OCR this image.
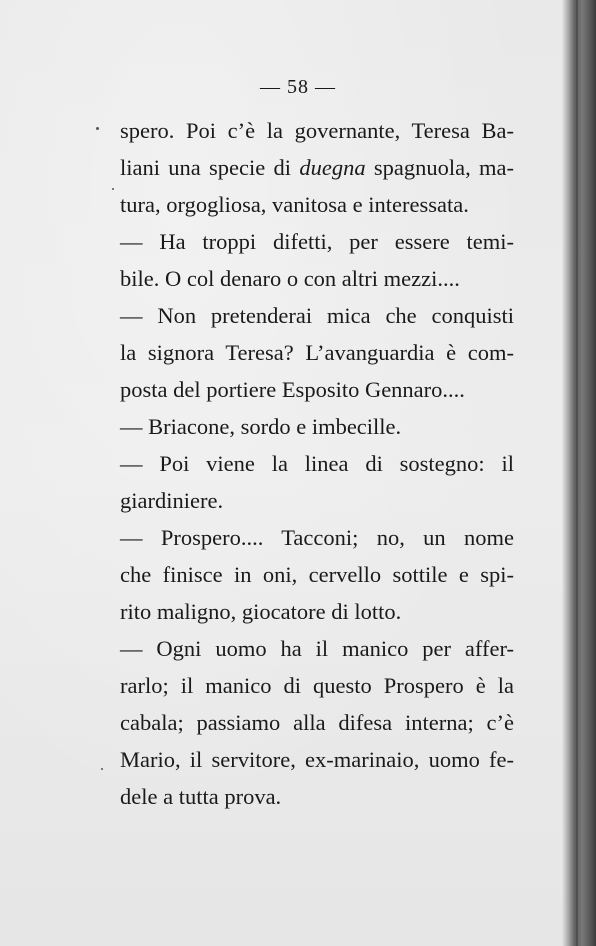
— 58 —
spero. Poi c’è la governante, Teresa Ba-
liani una specie di duegna spagnuola, ma-
tura, orgogliosa, vanitosa e interessata.
— Ha troppi difetti, per essere temi-
bile. O col denaro o con altri mezzi....
— Non pretenderai mica che conquisti
la signora Teresa? L’avanguardia è com-
posta del portiere Esposito Gennaro....
— Briacone, sordo e imbecille.
— Poi viene la linea di sostegno: il
giardiniere.
— Prospero.... Tacconi; no, un nome
che finisce in oni, cervello sottile e spi-
rito maligno, giocatore di lotto.
— Ogni uomo ha il manico per affer-
rarlo; il manico di questo Prospero è la
cabala; passiamo alla difesa interna; c’è
Mario, il servitore, ex-marinaio, uomo fe-
dele a tutta prova.
